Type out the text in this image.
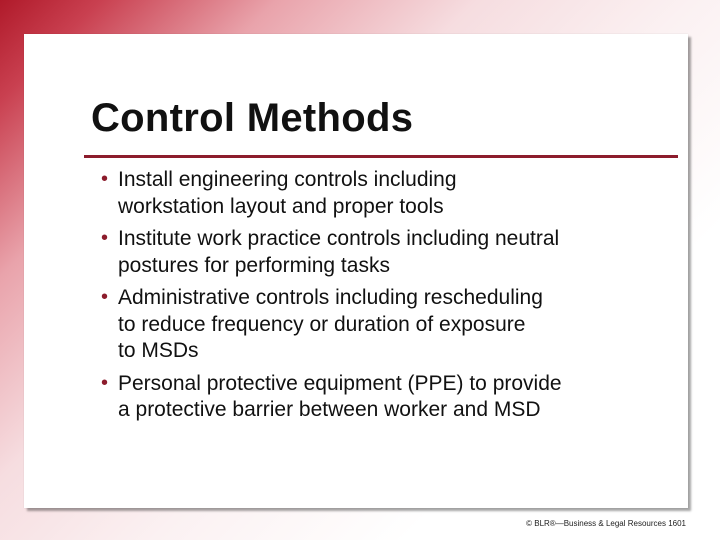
Control Methods
• Install engineering controls including
workstation layout and proper tools
• Institute work practice controls including neutral
postures for performing tasks
• Administrative controls including rescheduling
to reduce frequency or duration of exposure
to MSDs
• Personal protective equipment (PPE) to provide
a protective barrier between worker and MSD
© BLR®—Business & Legal Resources 1601
